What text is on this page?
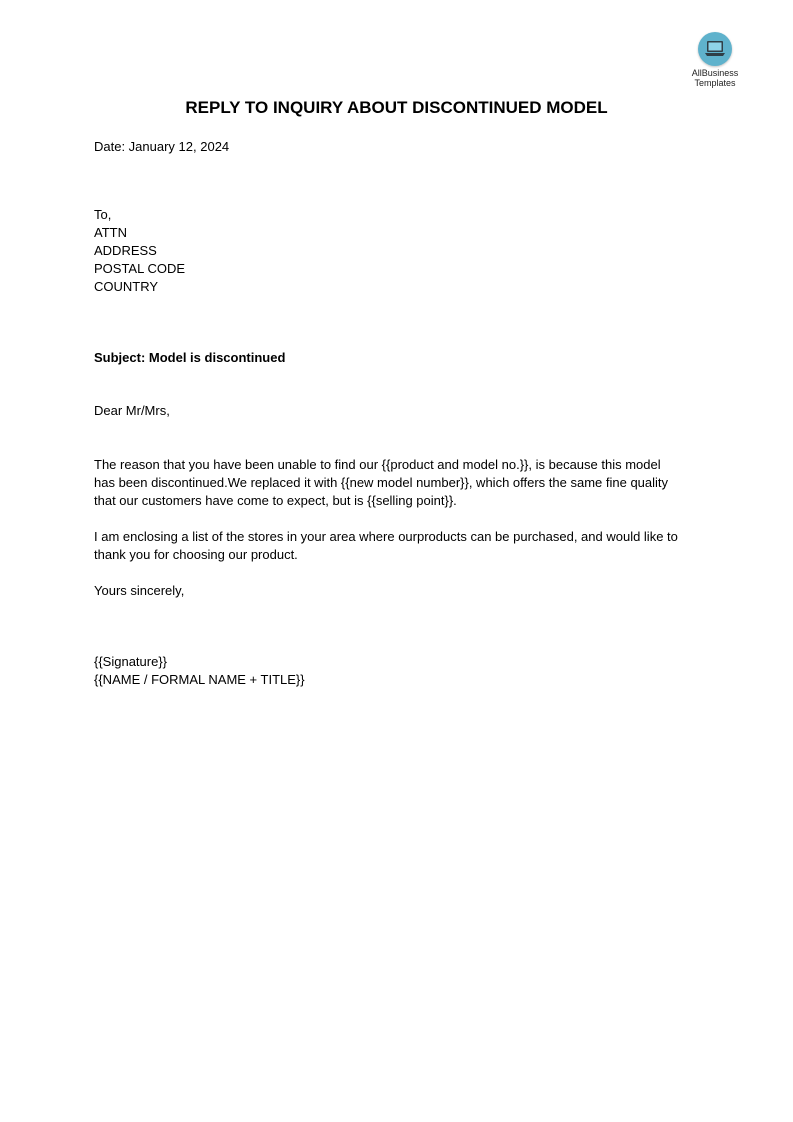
AllBusiness
Templates
REPLY TO INQUIRY ABOUT DISCONTINUED MODEL
Date: January 12, 2024
To,
ATTN
ADDRESS
POSTAL CODE
COUNTRY
Subject: Model is discontinued
Dear Mr/Mrs,
The reason that you have been unable to find our {{product and model no.}}, is because this model
has been discontinued.We replaced it with {{new model number}}, which offers the same fine quality
that our customers have come to expect, but is {{selling point}}.
I am enclosing a list of the stores in your area where ourproducts can be purchased, and would like to
thank you for choosing our product.
Yours sincerely,
{{Signature}}
{{NAME / FORMAL NAME + TITLE}}
